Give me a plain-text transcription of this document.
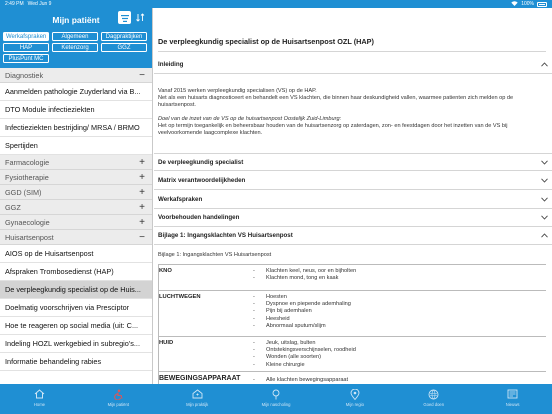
2:49 PM Wed Jun 9	100%
Mijn patiënt
Werkafspraken	Algemeen	Dagpraktijken
HAP	Ketenzorg	GGZ
PlusPunt MC
Diagnostiek	−
Aanmelden pathologie Zuyderland via B...
DTO Module infectieziekten
Infectieziekten bestrijding/ MRSA / BRMO
Spertijden
Farmacologie	+
Fysiotherapie	+
GGD (SIM)	+
GGZ	+
Gynaecologie	+
Huisartsenpost	−
AIOS op de Huisartsenpost
Afspraken Trombosedienst (HAP)
De verpleegkundig specialist op de Huis...
Doelmatig voorschrijven via Presciptor
Hoe te reageren op social media (uit: C...
Indeling HOZL werkgebied in subregio's...
Informatie behandeling rabies
De verpleegkundig specialist op de Huisartsenpost OZL (HAP)
Inleiding
Vanaf 2015 werken verpleegkundig specialisen (VS) op de HAP.
Net als een huisarts diagnosticeert en behandelt een VS klachten, die binnen haar deskundigheid vallen, waarmee patienten zich melden op de
huisartsenpost.
Doel van de inzet van de VS op de huisartsenpost Oostelijk Zuid-Limburg:
Het op termijn toegankelijk en beheersbaar houden van de huisartsenzorg op zaterdagen, zon- en feestdagen door het inzetten van de VS bij
veelvoorkomende laagcomplexe klachten.
De verpleegkundig specialist
Matrix verantwoordelijkheden
Werkafspraken
Voorbehouden handelingen
Bijlage 1: Ingangsklachten VS Huisartsenpost
Bijlage 1: Ingangsklachten VS Huisartsenpost
KNO	- Klachten keel, neus, oor en bijholten
- Klachten mond, tong en kaak
LUCHTWEGEN	- Hoesten
- Dyspnoe en piepende ademhaling
- Pijn bij ademhalen
- Heesheid
- Abnormaal sputum/slijm
HUID	- Jeuk, uitslag, bulten
- Ontstekingsverschijnselen, roodheid
- Wonden (alle soorten)
- Kleine chirurgie
BEWEGINGSAPPARAAT	- Alle klachten bewegingsapparaat
Home	Mijn patiënt	Mijn praktijk	Mijn nascholing	Mijn regio	Goed doen	Nieuws
